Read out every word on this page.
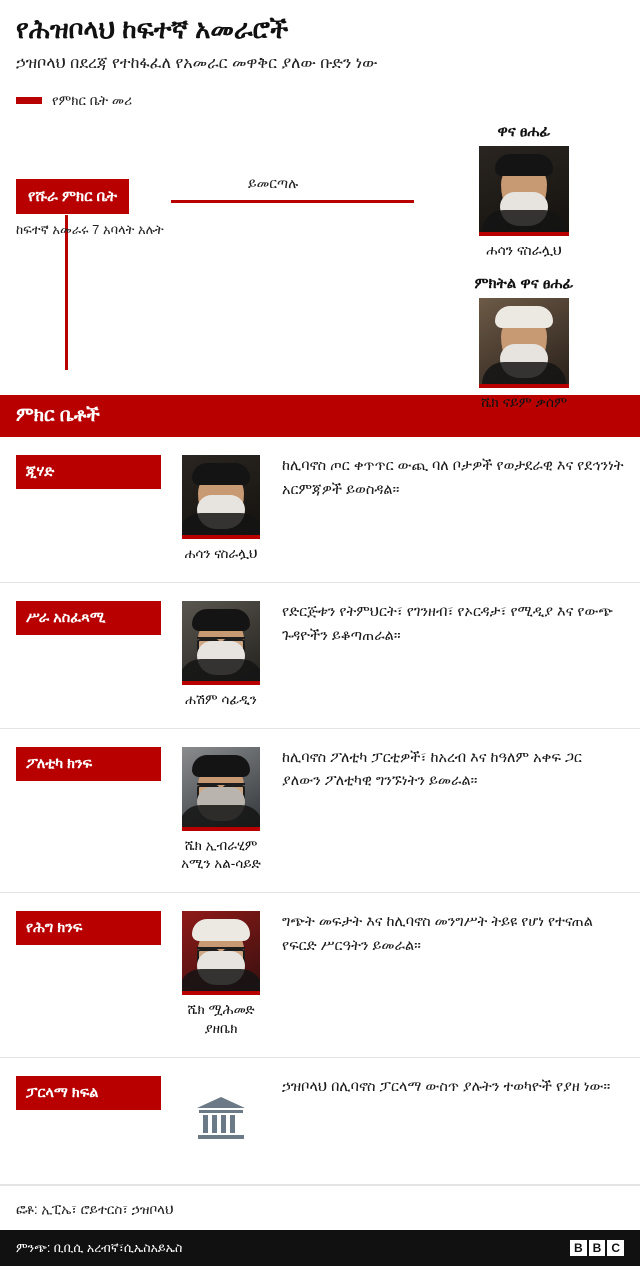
የሕዝቦላህ ከፍተኛ አመራሮች

ኃዝቦላህ በደረጃ የተከፋፈለ የአመራር መዋቅር ያለው ቡድን ነው

የምክር ቤት መሪ
ይመርጣሉ
የሹራ ምክር ቤት
ከፍተኛ አመራሩ 7 አባላት አሉት
ዋና ፀሐፊ
ሐሳን ናስራሏህ
ምክትል ዋና ፀሐፊ
ሼክ ናይም ቃሰም
ምክር ቤቶች
ጂሃድ
ሐሳን ናስራሏህ
ከሊባኖስ ጦር ቀጥጥር ውጪ ባለ ቦታዎች የወታደራዊ እና የደኅንነት አርምጃዎች ይወስዳል።
ሥራ አስፈጻሚ
ሐሽም ሳፊዲን
የድርጅቱን የትምህርት፣ የገንዘብ፣ የኦርዳታ፣ የሚዲያ እና የውጭ ጉዳዮችን ይቆጣጠራል።
ፖለቲካ ክንፍ
ሼክ ኢብራሂም አሚን አል-ሳይድ
ከሊባኖስ ፖለቲካ ፓርቲዎች፣ ከአረብ እና ከዓለም አቀፍ ጋር ያለውን ፖለቲካዊ ግንኙነትን ይመራል።
የሕግ ክንፍ
ሼክ ሟሕመድ ያዘቤክ
ግጭት መፍታት እና ከሊባኖስ መንግሥት ትይዩ የሆነ የተናጠል የፍርድ ሥርዓትን ይመራል።
ፓርላማ ክፍል	ኃዝቦላህ በሊባኖስ ፓርላማ ውስጥ ያሉትን ተወካዮች የያዘ ነው።
ፎቶ: ኢፒኤ፣ ሮይተርስ፣ ኃዝቦላህ
ምንጭ: ቢቢሲ አረብኛ፣ሲኤስአይኤስ	B B C
